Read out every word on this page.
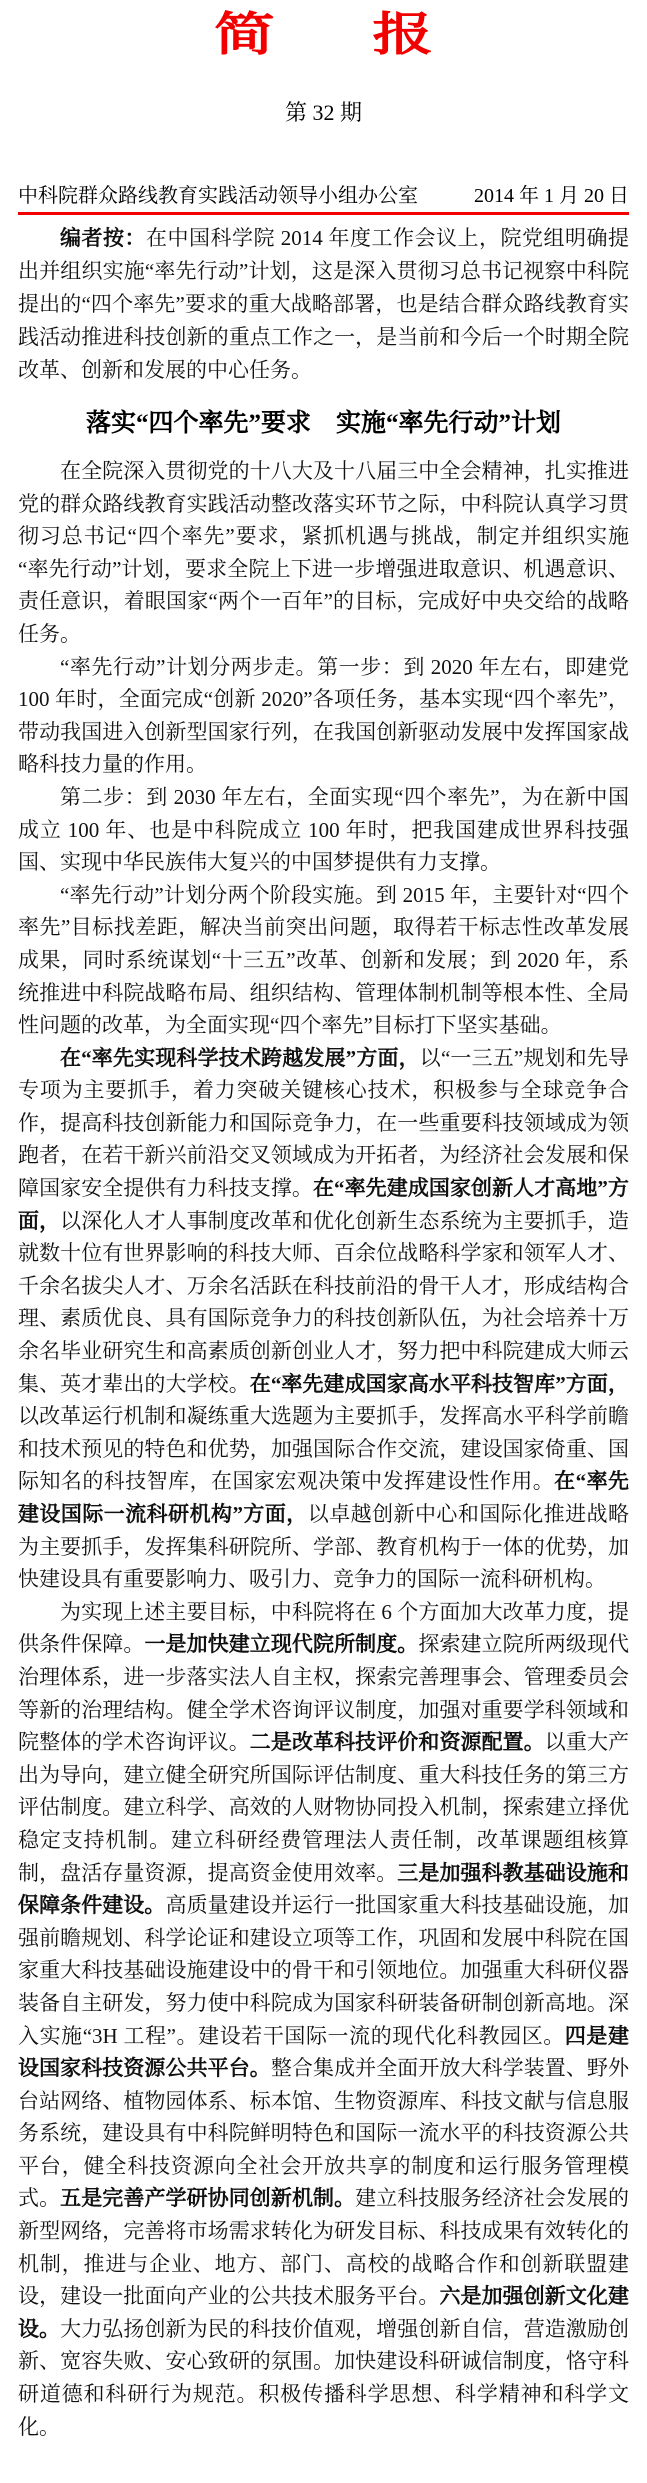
简　报
第 32 期
中科院群众路线教育实践活动领导小组办公室	2014 年 1 月 20 日

编者按：在中国科学院 2014 年度工作会议上，院党组明确提出并组织实施“率先行动”计划，这是深入贯彻习总书记视察中科院提出的“四个率先”要求的重大战略部署，也是结合群众路线教育实践活动推进科技创新的重点工作之一，是当前和今后一个时期全院改革、创新和发展的中心任务。

落实“四个率先”要求　实施“率先行动”计划

在全院深入贯彻党的十八大及十八届三中全会精神，扎实推进党的群众路线教育实践活动整改落实环节之际，中科院认真学习贯彻习总书记“四个率先”要求，紧抓机遇与挑战，制定并组织实施“率先行动”计划，要求全院上下进一步增强进取意识、机遇意识、责任意识，着眼国家“两个一百年”的目标，完成好中央交给的战略任务。

“率先行动”计划分两步走。第一步：到 2020 年左右，即建党 100 年时，全面完成“创新 2020”各项任务，基本实现“四个率先”，带动我国进入创新型国家行列，在我国创新驱动发展中发挥国家战略科技力量的作用。

第二步：到 2030 年左右，全面实现“四个率先”，为在新中国成立 100 年、也是中科院成立 100 年时，把我国建成世界科技强国、实现中华民族伟大复兴的中国梦提供有力支撑。

“率先行动”计划分两个阶段实施。到 2015 年，主要针对“四个率先”目标找差距，解决当前突出问题，取得若干标志性改革发展成果，同时系统谋划“十三五”改革、创新和发展；到 2020 年，系统推进中科院战略布局、组织结构、管理体制机制等根本性、全局性问题的改革，为全面实现“四个率先”目标打下坚实基础。

在“率先实现科学技术跨越发展”方面，以“一三五”规划和先导专项为主要抓手，着力突破关键核心技术，积极参与全球竞争合作，提高科技创新能力和国际竞争力，在一些重要科技领域成为领跑者，在若干新兴前沿交叉领域成为开拓者，为经济社会发展和保障国家安全提供有力科技支撑。在“率先建成国家创新人才高地”方面，以深化人才人事制度改革和优化创新生态系统为主要抓手，造就数十位有世界影响的科技大师、百余位战略科学家和领军人才、千余名拔尖人才、万余名活跃在科技前沿的骨干人才，形成结构合理、素质优良、具有国际竞争力的科技创新队伍，为社会培养十万余名毕业研究生和高素质创新创业人才，努力把中科院建成大师云集、英才辈出的大学校。在“率先建成国家高水平科技智库”方面，以改革运行机制和凝练重大选题为主要抓手，发挥高水平科学前瞻和技术预见的特色和优势，加强国际合作交流，建设国家倚重、国际知名的科技智库，在国家宏观决策中发挥建设性作用。在“率先建设国际一流科研机构”方面，以卓越创新中心和国际化推进战略为主要抓手，发挥集科研院所、学部、教育机构于一体的优势，加快建设具有重要影响力、吸引力、竞争力的国际一流科研机构。

为实现上述主要目标，中科院将在 6 个方面加大改革力度，提供条件保障。一是加快建立现代院所制度。探索建立院所两级现代治理体系，进一步落实法人自主权，探索完善理事会、管理委员会等新的治理结构。健全学术咨询评议制度，加强对重要学科领域和院整体的学术咨询评议。二是改革科技评价和资源配置。以重大产出为导向，建立健全研究所国际评估制度、重大科技任务的第三方评估制度。建立科学、高效的人财物协同投入机制，探索建立择优稳定支持机制。建立科研经费管理法人责任制，改革课题组核算制，盘活存量资源，提高资金使用效率。三是加强科教基础设施和保障条件建设。高质量建设并运行一批国家重大科技基础设施，加强前瞻规划、科学论证和建设立项等工作，巩固和发展中科院在国家重大科技基础设施建设中的骨干和引领地位。加强重大科研仪器装备自主研发，努力使中科院成为国家科研装备研制创新高地。深入实施“3H 工程”。建设若干国际一流的现代化科教园区。四是建设国家科技资源公共平台。整合集成并全面开放大科学装置、野外台站网络、植物园体系、标本馆、生物资源库、科技文献与信息服务系统，建设具有中科院鲜明特色和国际一流水平的科技资源公共平台，健全科技资源向全社会开放共享的制度和运行服务管理模式。五是完善产学研协同创新机制。建立科技服务经济社会发展的新型网络，完善将市场需求转化为研发目标、科技成果有效转化的机制，推进与企业、地方、部门、高校的战略合作和创新联盟建设，建设一批面向产业的公共技术服务平台。六是加强创新文化建设。大力弘扬创新为民的科技价值观，增强创新自信，营造激励创新、宽容失败、安心致研的氛围。加快建设科研诚信制度，恪守科研道德和科研行为规范。积极传播科学思想、科学精神和科学文化。
